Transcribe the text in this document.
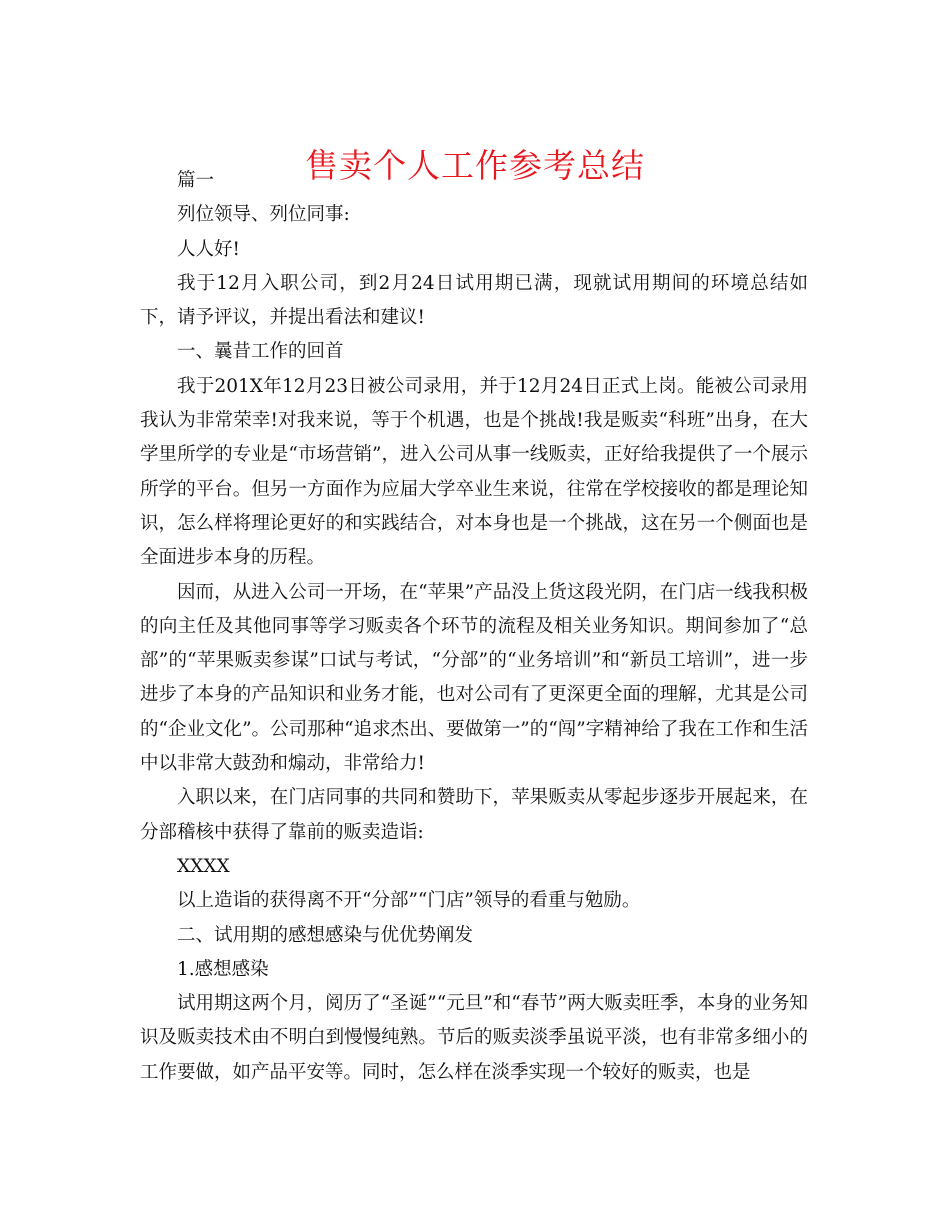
售卖个人工作参考总结

篇一

列位领导、列位同事:

人人好!

我于12月入职公司，到2月24日试用期已满，现就试用期间的环境总结如下，请予评议，并提出看法和建议!

一、曩昔工作的回首

我于201X年12月23日被公司录用，并于12月24日正式上岗。能被公司录用我认为非常荣幸!对我来说，等于个机遇，也是个挑战!我是贩卖“科班”出身，在大学里所学的专业是“市场营销”，进入公司从事一线贩卖，正好给我提供了一个展示所学的平台。但另一方面作为应届大学卒业生来说，往常在学校接收的都是理论知识，怎么样将理论更好的和实践结合，对本身也是一个挑战，这在另一个侧面也是全面进步本身的历程。

因而，从进入公司一开场，在“苹果”产品没上货这段光阴，在门店一线我积极的向主任及其他同事等学习贩卖各个环节的流程及相关业务知识。期间参加了“总部”的“苹果贩卖参谋”口试与考试，“分部”的“业务培训”和“新员工培训”，进一步进步了本身的产品知识和业务才能，也对公司有了更深更全面的理解，尤其是公司的“企业文化”。公司那种“追求杰出、要做第一”的“闯”字精神给了我在工作和生活中以非常大鼓劲和煽动，非常给力!

入职以来，在门店同事的共同和赞助下，苹果贩卖从零起步逐步开展起来，在分部稽核中获得了靠前的贩卖造诣:

XXXX

以上造诣的获得离不开“分部”“门店”领导的看重与勉励。

二、试用期的感想感染与优优势阐发

1.感想感染

试用期这两个月，阅历了“圣诞”“元旦”和“春节”两大贩卖旺季，本身的业务知识及贩卖技术由不明白到慢慢纯熟。节后的贩卖淡季虽说平淡，也有非常多细小的工作要做，如产品平安等。同时，怎么样在淡季实现一个较好的贩卖，也是
